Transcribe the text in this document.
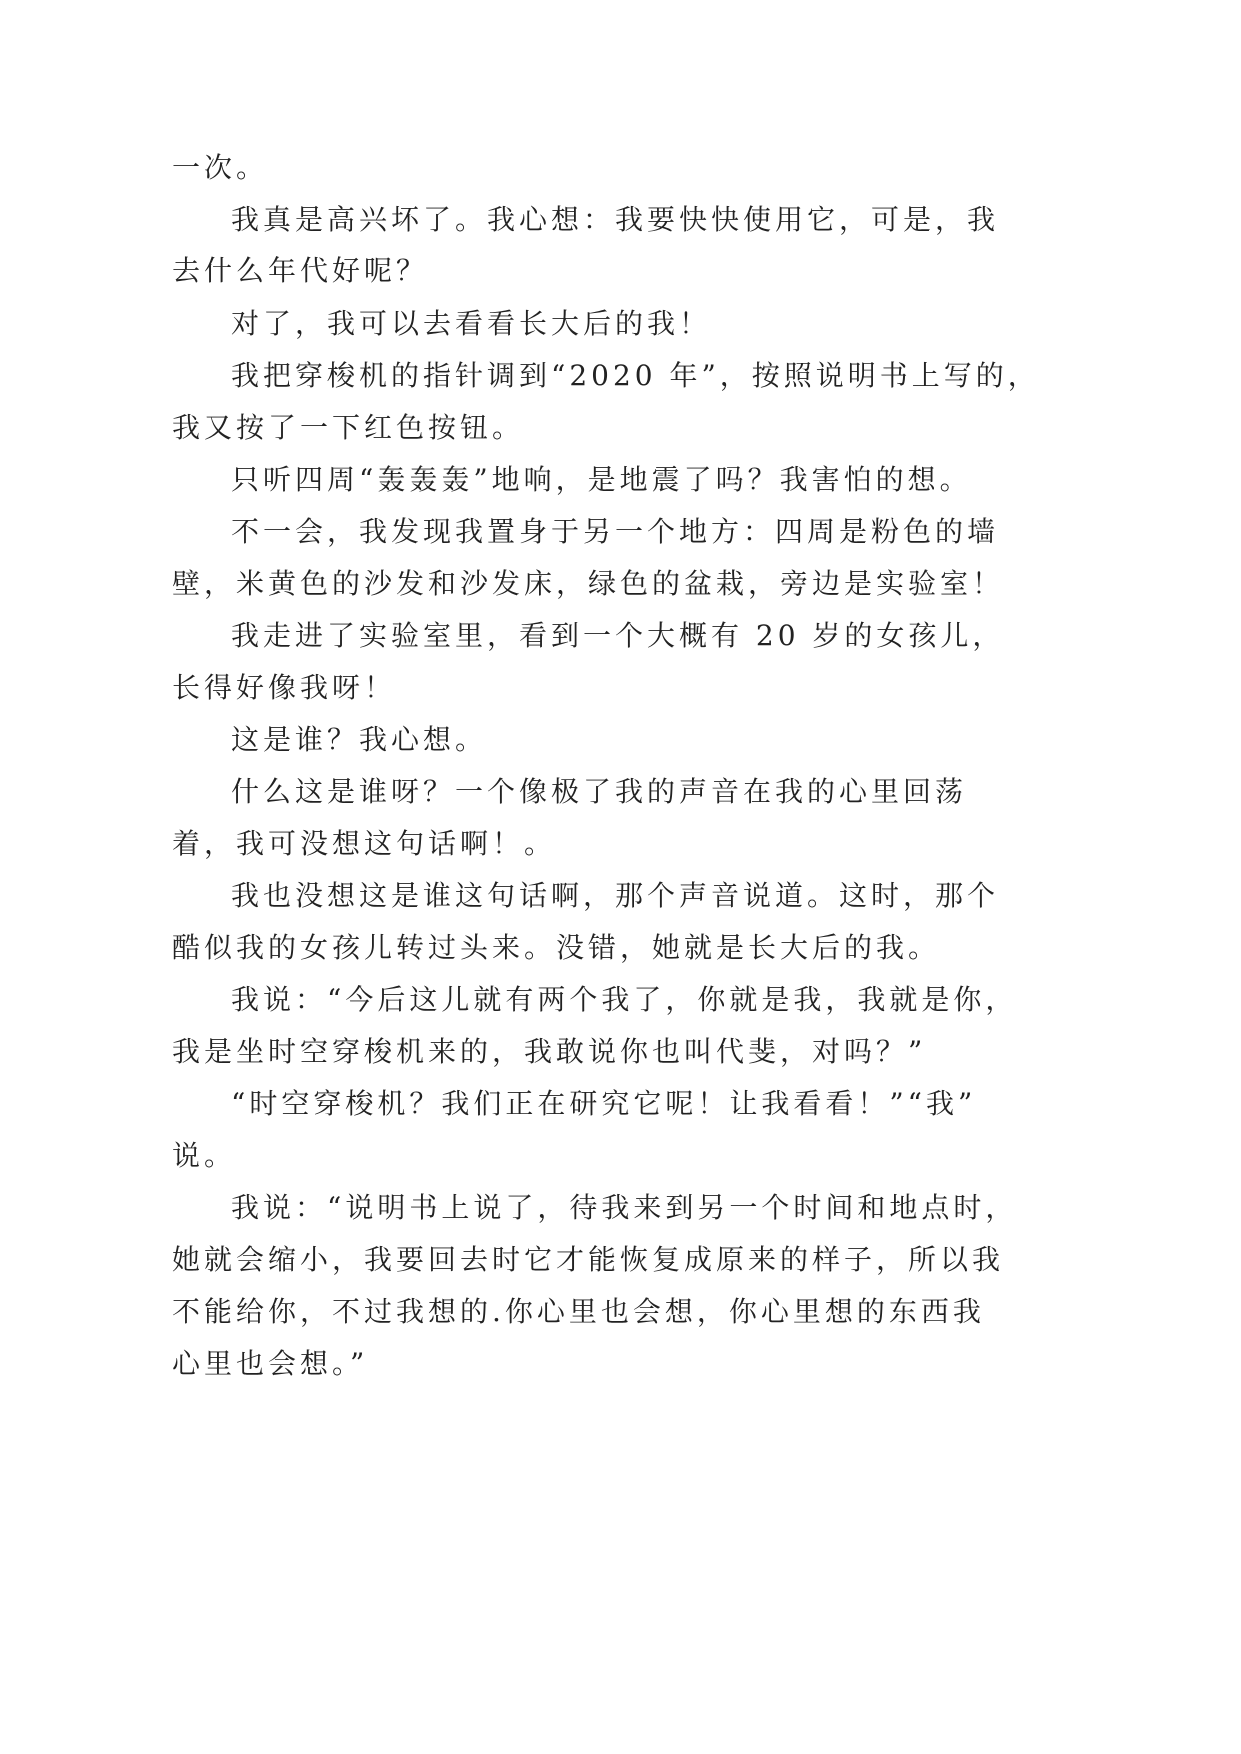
一次。
我真是高兴坏了。我心想：我要快快使用它，可是，我
去什么年代好呢？
对了，我可以去看看长大后的我！
我把穿梭机的指针调到“2020 年”，按照说明书上写的，
我又按了一下红色按钮。
只听四周“轰轰轰”地响，是地震了吗？我害怕的想。
不一会，我发现我置身于另一个地方：四周是粉色的墙
壁，米黄色的沙发和沙发床，绿色的盆栽，旁边是实验室！
我走进了实验室里，看到一个大概有 20 岁的女孩儿，
长得好像我呀！
这是谁？我心想。
什么这是谁呀？一个像极了我的声音在我的心里回荡
着，我可没想这句话啊！。
我也没想这是谁这句话啊，那个声音说道。这时，那个
酷似我的女孩儿转过头来。没错，她就是长大后的我。
我说：“今后这儿就有两个我了，你就是我，我就是你，
我是坐时空穿梭机来的，我敢说你也叫代斐，对吗？”
“时空穿梭机？我们正在研究它呢！让我看看！”“我”
说。
我说：“说明书上说了，待我来到另一个时间和地点时，
她就会缩小，我要回去时它才能恢复成原来的样子，所以我
不能给你，不过我想的.你心里也会想，你心里想的东西我
心里也会想。”
